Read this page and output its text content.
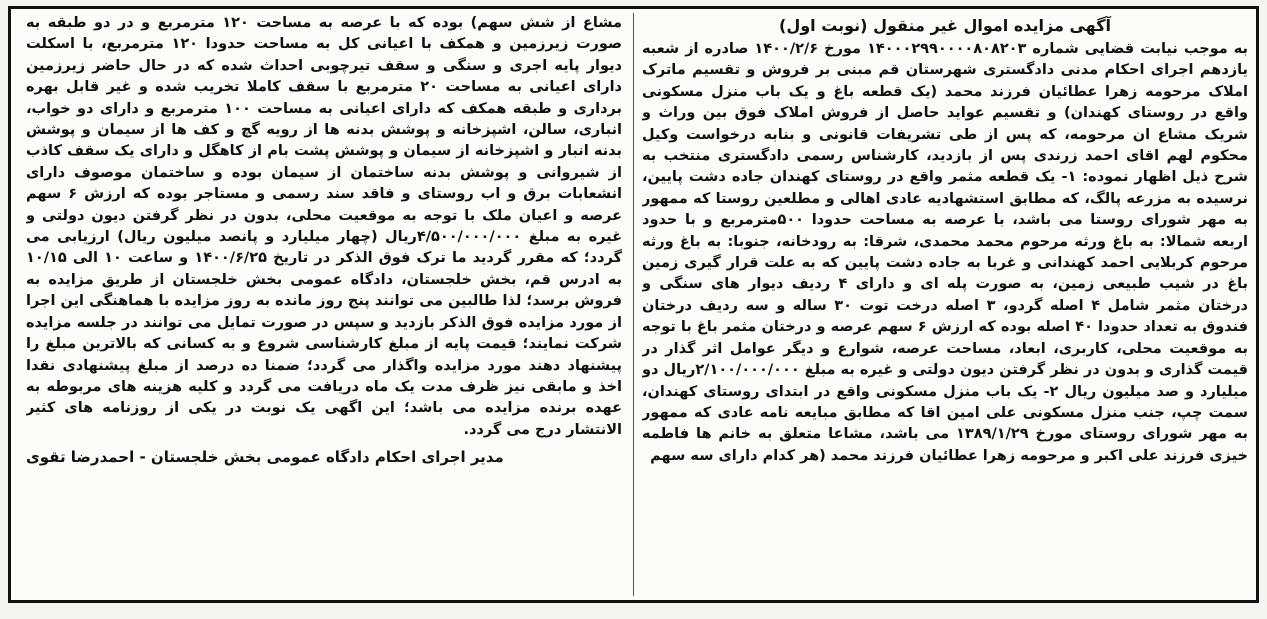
آگهی مزایده اموال غیر منقول (نوبت اول)

به موجب نیابت قضایی شماره ۱۴۰۰۰۲۹۹۰۰۰۰۸۰۸۲۰۳ مورخ ۱۴۰۰/۲/۶ صادره از شعبه یازدهم اجرای احکام مدنی دادگستری شهرستان قم مبنی بر فروش و تقسیم ماترک املاک مرحومه زهرا عطائیان فرزند محمد (یک قطعه باغ و یک باب منزل مسکونی واقع در روستای کهندان) و تقسیم عواید حاصل از فروش املاک فوق بین وراث و شریک مشاع ان مرحومه، که پس از طی تشریفات قانونی و بنابه درخواست وکیل محکوم لهم اقای احمد زرندی پس از بازدید، کارشناس رسمی دادگستری منتخب به شرح ذیل اظهار نموده: ۱- یک قطعه مثمر واقع در روستای کهندان جاده دشت پایین، نرسیده به مزرعه پالگ، که مطابق استشهادیه عادی اهالی و مطلعین روستا که ممهور به مهر شورای روستا می باشد، با عرصه به مساحت حدودا ۵۰۰مترمربع و با حدود اربعه شمالا: به باغ ورثه مرحوم محمد محمدی، شرقا: به رودخانه، جنوبا: به باغ ورثه مرحوم کربلایی احمد کهندانی و غربا به جاده دشت پایین که به علت قرار گیری زمین باغ در شیب طبیعی زمین، به صورت پله ای و دارای ۴ ردیف دیوار های سنگی و درختان مثمر شامل ۴ اصله گردو، ۳ اصله درخت توت ۳۰ ساله و سه ردیف درختان فندوق به تعداد حدودا ۴۰ اصله بوده که ارزش ۶ سهم عرصه و درختان مثمر باغ با توجه به موقعیت محلی، کاربری، ابعاد، مساحت عرصه، شوارع و دیگر عوامل اثر گذار در قیمت گذاری و بدون در نظر گرفتن دیون دولتی و غیره به مبلغ ۲/۱۰۰/۰۰۰/۰۰۰ریال دو میلیارد و صد میلیون ریال ۲- یک باب منزل مسکونی واقع در ابتدای روستای کهندان، سمت چپ، جنب منزل مسکونی علی امین اقا که مطابق مبایعه نامه عادی که ممهور به مهر شورای روستای مورخ ۱۳۸۹/۱/۲۹ می باشد، مشاعا متعلق به خانم ها فاطمه خیزی فرزند علی اکبر و مرحومه زهرا عطائیان فرزند محمد (هر کدام دارای سه سهم

مشاع از شش سهم) بوده که با عرصه به مساحت ۱۲۰ مترمربع و در دو طبقه به صورت زیرزمین و همکف با اعیانی کل به مساحت حدودا ۱۲۰ مترمربع، با اسکلت دیوار پایه اجری و سنگی و سقف تیرچوبی احداث شده که در حال حاضر زیرزمین دارای اعیانی به مساحت ۲۰ مترمربع با سقف کاملا تخریب شده و غیر قابل بهره برداری و طبقه همکف که دارای اعیانی به مساحت ۱۰۰ مترمربع و دارای دو خواب، انباری، سالن، اشپزخانه و پوشش بدنه ها از رویه گچ و کف ها از سیمان و پوشش بدنه انبار و اشپزخانه از سیمان و پوشش پشت بام از کاهگل و دارای یک سقف کاذب از شیروانی و پوشش بدنه ساختمان از سیمان بوده و ساختمان موصوف دارای انشعابات برق و اب روستای و فاقد سند رسمی و مستاجر بوده که ارزش ۶ سهم عرصه و اعیان ملک با توجه به موقعیت محلی، بدون در نظر گرفتن دیون دولتی و غیره به مبلغ ۴/۵۰۰/۰۰۰/۰۰۰ریال (چهار میلیارد و پانصد میلیون ریال) ارزیابی می گردد؛ که مقرر گردید ما ترک فوق الذکر در تاریخ ۱۴۰۰/۶/۲۵ و ساعت ۱۰ الی ۱۰/۱۵ به ادرس قم، بخش خلجستان، دادگاه عمومی بخش خلجستان از طریق مزایده به فروش برسد؛ لذا طالبین می توانند پنج روز مانده به روز مزایده با هماهنگی این اجرا از مورد مزایده فوق الذکر بازدید و سپس در صورت تمایل می توانند در جلسه مزایده شرکت نمایند؛ قیمت پایه از مبلغ کارشناسی شروع و به کسانی که بالاترین مبلغ را پیشنهاد دهند مورد مزایده واگذار می گردد؛ ضمنا ده درصد از مبلغ پیشنهادی نقدا اخذ و مابقی نیز ظرف مدت یک ماه دریافت می گردد و کلیه هزینه های مربوطه به عهده برنده مزایده می باشد؛ این اگهی یک نوبت در یکی از روزنامه های کثیر الانتشار درج می گردد.

مدیر اجرای احکام دادگاه عمومی بخش خلجستان - احمدرضا تقوی
